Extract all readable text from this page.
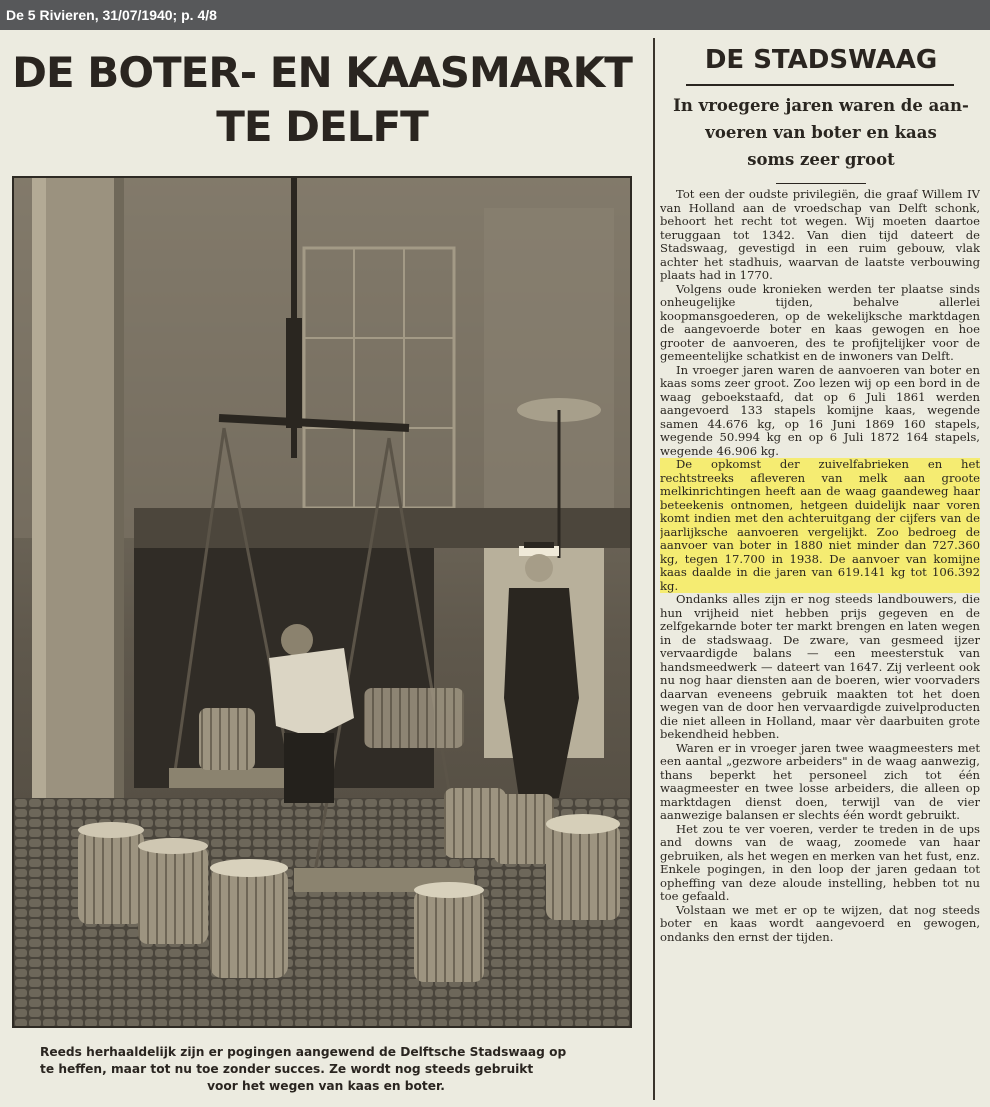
De 5 Rivieren, 31/07/1940; p. 4/8
DE BOTER- EN KAASMARKT
TE DELFT
Reeds herhaaldelijk zijn er pogingen aangewend de Delftsche Stadswaag op
te heffen, maar tot nu toe zonder succes. Ze wordt nog steeds gebruikt
voor het wegen van kaas en boter.
DE STADSWAAG
In vroegere jaren waren de aan-
voeren van boter en kaas
soms zeer groot

Tot een der oudste privilegiën, die graaf Willem IV van Holland aan de vroedschap van Delft schonk, behoort het recht tot wegen. Wij moeten daartoe teruggaan tot 1342. Van dien tijd dateert de Stadswaag, gevestigd in een ruim gebouw, vlak achter het stadhuis, waarvan de laatste verbouwing plaats had in 1770.

Volgens oude kronieken werden ter plaatse sinds onheugelijke tijden, behalve allerlei koopmansgoederen, op de wekelijksche marktdagen de aangevoerde boter en kaas gewogen en hoe grooter de aanvoeren, des te profijtelijker voor de gemeentelijke schatkist en de inwoners van Delft.

In vroeger jaren waren de aanvoeren van boter en kaas soms zeer groot. Zoo lezen wij op een bord in de waag geboekstaafd, dat op 6 Juli 1861 werden aangevoerd 133 stapels komijne kaas, wegende samen 44.676 kg, op 16 Juni 1869 160 stapels, wegende 50.994 kg en op 6 Juli 1872 164 stapels, wegende 46.906 kg.

De opkomst der zuivelfabrieken en het rechtstreeks afleveren van melk aan groote melkinrichtingen heeft aan de waag gaandeweg haar beteekenis ontnomen, hetgeen duidelijk naar voren komt indien met den achteruitgang der cijfers van de jaarlijksche aanvoeren vergelijkt. Zoo bedroeg de aanvoer van boter in 1880 niet minder dan 727.360 kg, tegen 17.700 in 1938. De aanvoer van komijne kaas daalde in die jaren van 619.141 kg tot 106.392 kg.

Ondanks alles zijn er nog steeds landbouwers, die hun vrijheid niet hebben prijs gegeven en de zelfgekarnde boter ter markt brengen en laten wegen in de stadswaag. De zware, van gesmeed ijzer vervaardigde balans — een meesterstuk van handsmeedwerk — dateert van 1647. Zij verleent ook nu nog haar diensten aan de boeren, wier voorvaders daarvan eveneens gebruik maakten tot het doen wegen van de door hen vervaardigde zuivelproducten die niet alleen in Holland, maar vèr daarbuiten grote bekendheid hebben.

Waren er in vroeger jaren twee waagmeesters met een aantal „gezwore arbeiders" in de waag aanwezig, thans beperkt het personeel zich tot één waagmeester en twee losse arbeiders, die alleen op marktdagen dienst doen, terwijl van de vier aanwezige balansen er slechts één wordt gebruikt.

Het zou te ver voeren, verder te treden in de ups and downs van de waag, zoomede van haar gebruiken, als het wegen en merken van het fust, enz. Enkele pogingen, in den loop der jaren gedaan tot opheffing van deze aloude instelling, hebben tot nu toe gefaald.

Volstaan we met er op te wijzen, dat nog steeds boter en kaas wordt aangevoerd en gewogen, ondanks den ernst der tijden.
